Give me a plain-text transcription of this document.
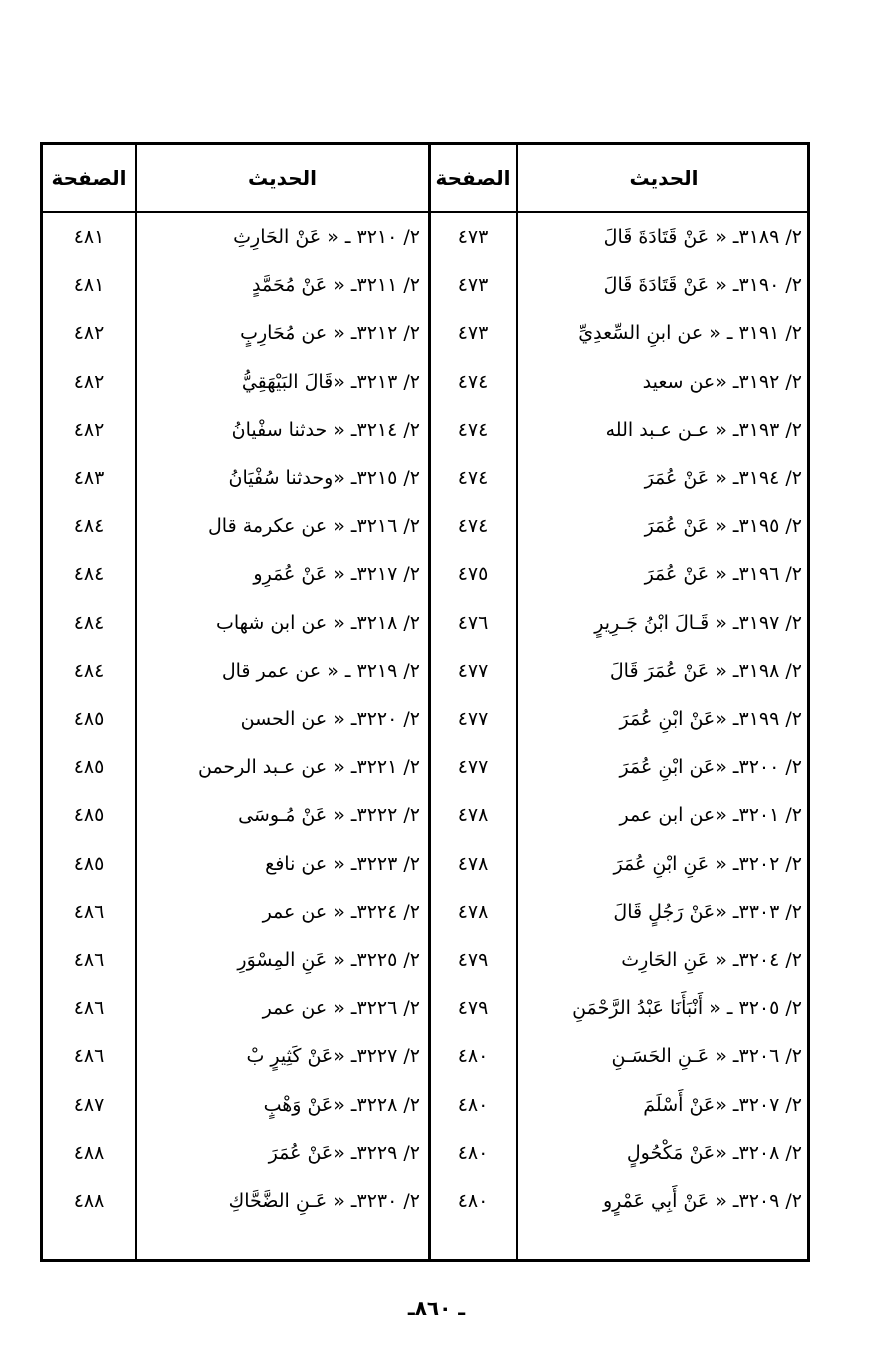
الحديث
الصفحة
الحديث
الصفحة
٢/ ٣١٨٩ـ « عَنْ قَتَادَةَ قَالَ
٤٧٣
٢/ ٣٢١٠ ـ « عَنْ الحَارِثِ
٤٨١
٢/ ٣١٩٠ـ « عَنْ قَتَادَةَ قَالَ
٤٧٣
٢/ ٣٢١١ـ « عَنْ مُحَمَّدٍ
٤٨١
٢/ ٣١٩١ ـ « عن ابنِ السِّعدِيِّ
٤٧٣
٢/ ٣٢١٢ـ « عن مُحَارِبٍ
٤٨٢
٢/ ٣١٩٢ـ «عن سعيد
٤٧٤
٢/ ٣٢١٣ـ «قَالَ البَيْهَقِيُّ
٤٨٢
٢/ ٣١٩٣ـ « عـن عـبد الله
٤٧٤
٢/ ٣٢١٤ـ « حدثنا سفْيانُ
٤٨٢
٢/ ٣١٩٤ـ « عَنْ عُمَرَ
٤٧٤
٢/ ٣٢١٥ـ «وحدثنا سُفْيَانُ
٤٨٣
٢/ ٣١٩٥ـ « عَنْ عُمَرَ
٤٧٤
٢/ ٣٢١٦ـ « عن عكرمة قال
٤٨٤
٢/ ٣١٩٦ـ « عَنْ عُمَرَ
٤٧٥
٢/ ٣٢١٧ـ « عَنْ عُمَرِو
٤٨٤
٢/ ٣١٩٧ـ « قَـالَ ابْنُ جَـرِيرٍ
٤٧٦
٢/ ٣٢١٨ـ « عن ابن شهاب
٤٨٤
٢/ ٣١٩٨ـ « عَنْ عُمَرَ قَالَ
٤٧٧
٢/ ٣٢١٩ ـ « عن عمر قال
٤٨٤
٢/ ٣١٩٩ـ «عَنْ ابْنِ عُمَرَ
٤٧٧
٢/ ٣٢٢٠ـ « عن الحسن
٤٨٥
٢/ ٣٢٠٠ـ «عَن ابْنِ عُمَرَ
٤٧٧
٢/ ٣٢٢١ـ « عن عـبد الرحمن
٤٨٥
٢/ ٣٢٠١ـ «عن ابن عمر
٤٧٨
٢/ ٣٢٢٢ـ « عَنْ مُـوسَى
٤٨٥
٢/ ٣٢٠٢ـ « عَنِ ابْنِ عُمَرَ
٤٧٨
٢/ ٣٢٢٣ـ « عن نافع
٤٨٥
٢/ ٣٣٠٣ـ «عَنْ رَجُلٍ قَالَ
٤٧٨
٢/ ٣٢٢٤ـ « عن عمر
٤٨٦
٢/ ٣٢٠٤ـ « عَنِ الحَارِث
٤٧٩
٢/ ٣٢٢٥ـ « عَنِ المِسْوَرِ
٤٨٦
٢/ ٣٢٠٥ ـ « أَنْبَأَنَا عَبْدُ الرَّحْمَنِ
٤٧٩
٢/ ٣٢٢٦ـ « عن عمر
٤٨٦
٢/ ٣٢٠٦ـ « عَـنِ الحَسَـنِ
٤٨٠
٢/ ٣٢٢٧ـ «عَنْ كَثِيرٍ بْ
٤٨٦
٢/ ٣٢٠٧ـ «عَنْ أَسْلَمَ
٤٨٠
٢/ ٣٢٢٨ـ «عَنْ وَهْبٍ
٤٨٧
٢/ ٣٢٠٨ـ «عَنْ مَكْحُولٍ
٤٨٠
٢/ ٣٢٢٩ـ «عَنْ عُمَرَ
٤٨٨
٢/ ٣٢٠٩ـ « عَنْ أَبِي عَمْرٍو
٤٨٠
٢/ ٣٢٣٠ـ « عَـنِ الضَّحَّاكِ
٤٨٨
ـ ٨٦٠ـ
